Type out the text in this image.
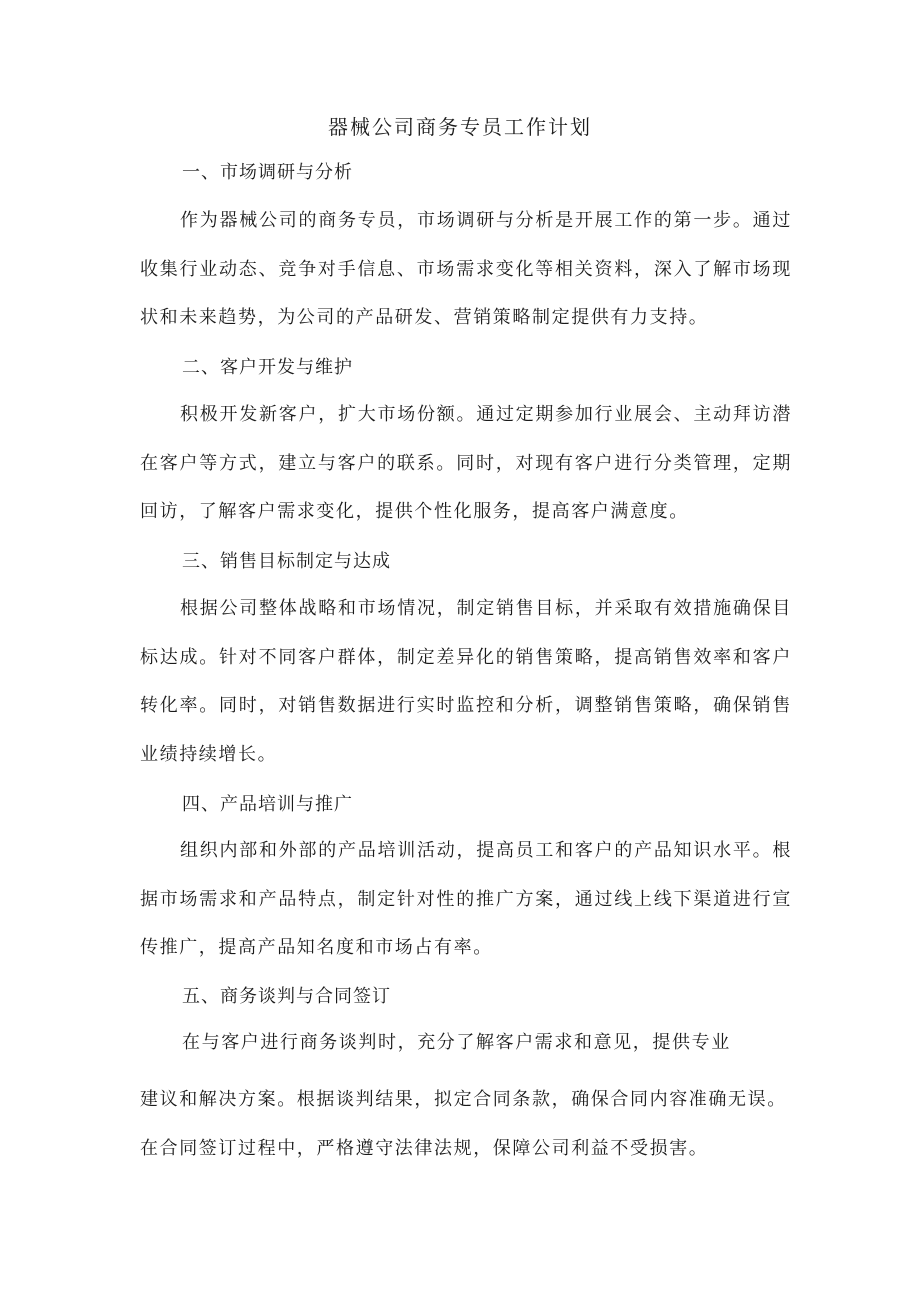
器械公司商务专员工作计划
一、市场调研与分析

作为器械公司的商务专员，市场调研与分析是开展工作的第一步。通过收集行业动态、竞争对手信息、市场需求变化等相关资料，深入了解市场现状和未来趋势，为公司的产品研发、营销策略制定提供有力支持。

二、客户开发与维护

积极开发新客户，扩大市场份额。通过定期参加行业展会、主动拜访潜在客户等方式，建立与客户的联系。同时，对现有客户进行分类管理，定期回访，了解客户需求变化，提供个性化服务，提高客户满意度。

三、销售目标制定与达成

根据公司整体战略和市场情况，制定销售目标，并采取有效措施确保目标达成。针对不同客户群体，制定差异化的销售策略，提高销售效率和客户转化率。同时，对销售数据进行实时监控和分析，调整销售策略，确保销售业绩持续增长。

四、产品培训与推广

组织内部和外部的产品培训活动，提高员工和客户的产品知识水平。根据市场需求和产品特点，制定针对性的推广方案，通过线上线下渠道进行宣传推广，提高产品知名度和市场占有率。

五、商务谈判与合同签订

在与客户进行商务谈判时，充分了解客户需求和意见，提供专业

建议和解决方案。根据谈判结果，拟定合同条款，确保合同内容准确无误。

在合同签订过程中，严格遵守法律法规，保障公司利益不受损害。
